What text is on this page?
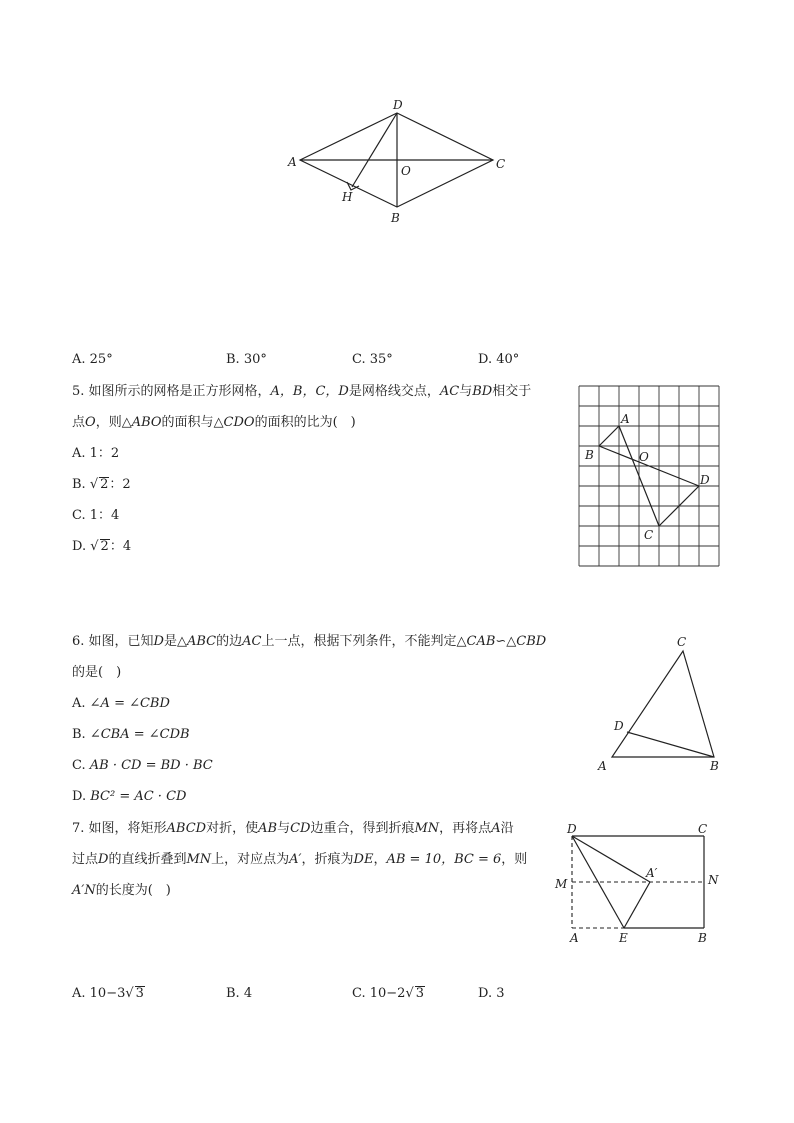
D
A	C
O
H
B
A. 25°	B. 30°	C. 35°	D. 40°
5. 如图所示的网格是正方形网格，A，B，C，D是网格线交点，AC与BD相交于
点O，则△ABO的面积与△CDO的面积的比为(　)
A. 1：2
B. √ 2：2
C. 1：4
D. √ 2：4
A
B	O
D
C
6. 如图，已知D是△ABC的边AC上一点，根据下列条件，不能判定△CAB∽△CBD
的是(　)
A. ∠A = ∠CBD
B. ∠CBA = ∠CDB
C. AB · CD = BD · BC
D. BC² = AC · CD
C
D
A	B
7. 如图，将矩形ABCD对折，使AB与CD边重合，得到折痕MN，再将点A沿
过点D的直线折叠到MN上，对应点为A′，折痕为DE，AB = 10，BC = 6，则
A′N的长度为(　)
D	C
M
A′	N
A	E	B
A. 10−3√ 3	B. 4	C. 10−2√ 3	D. 3
